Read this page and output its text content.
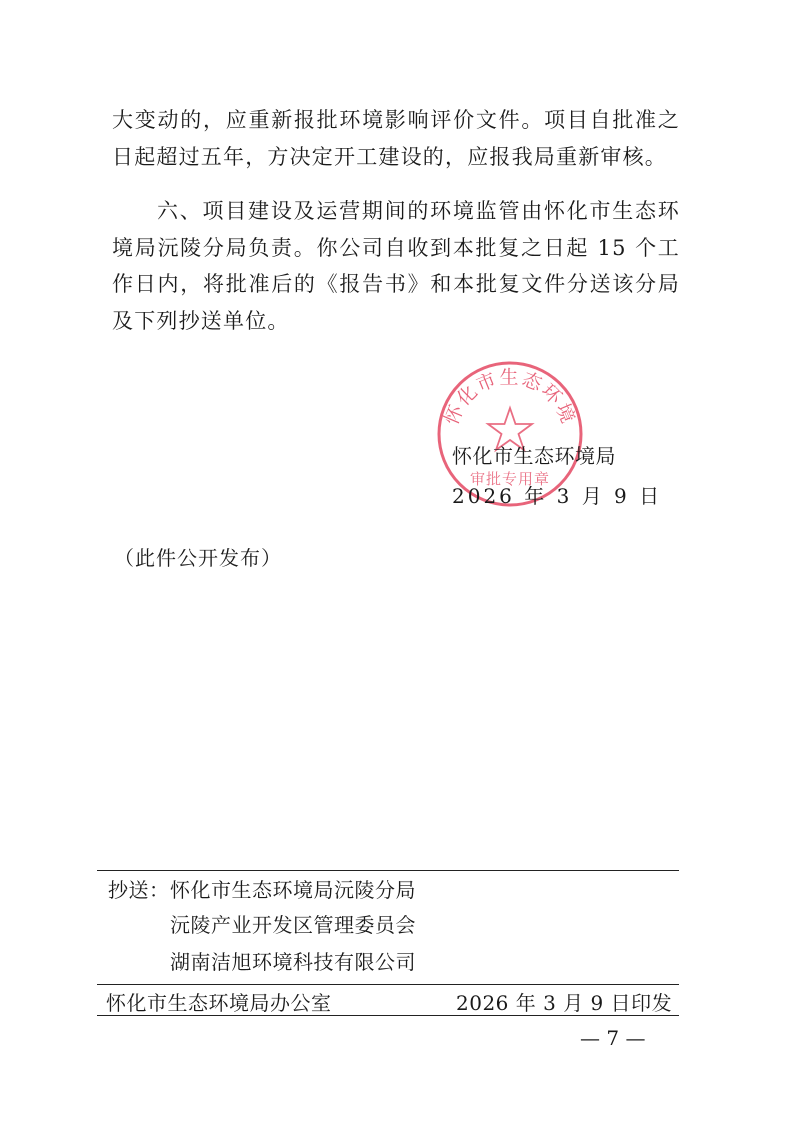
大变动的，应重新报批环境影响评价文件。项目自批准之日起超过五年，方决定开工建设的，应报我局重新审核。

六、项目建设及运营期间的环境监管由怀化市生态环境局沅陵分局负责。你公司自收到本批复之日起 15 个工作日内，将批准后的《报告书》和本批复文件分送该分局及下列抄送单位。

怀化市生态环境
审批专用章
怀化市生态环境局
2026 年 3 月 9 日
（此件公开发布）
抄送： 怀化市生态环境局沅陵分局
沅陵产业开发区管理委员会
湖南洁旭环境科技有限公司
怀化市生态环境局办公室	2026 年 3 月 9 日印发
— 7 —
